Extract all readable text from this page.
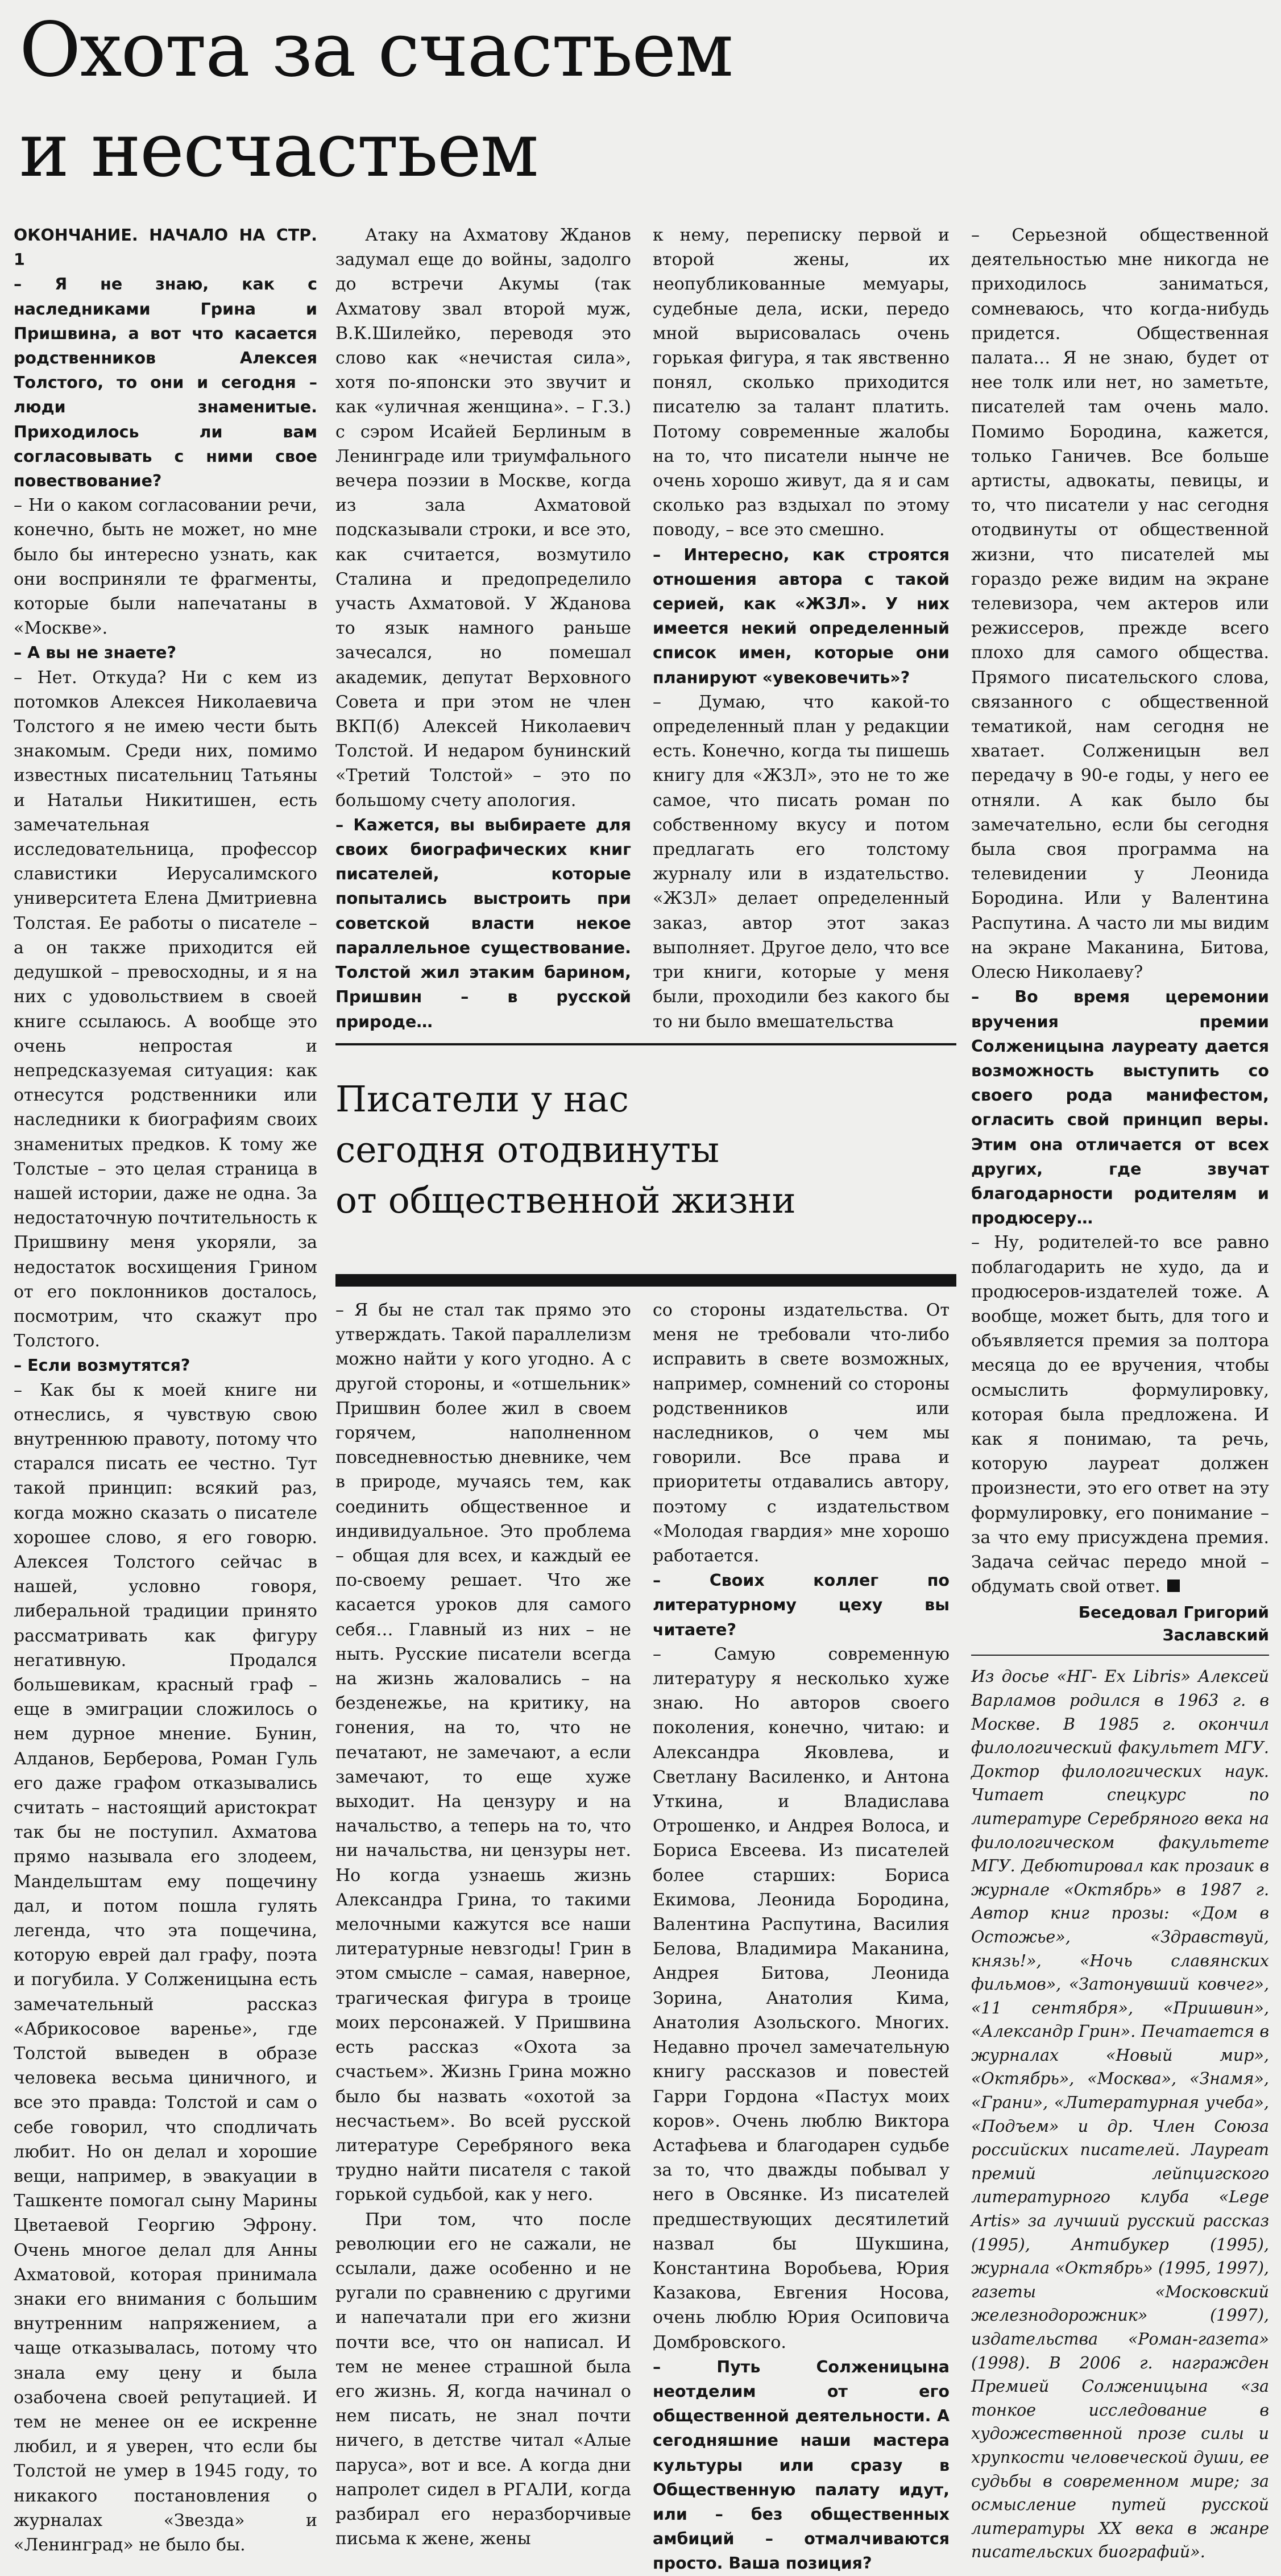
Охота за счастьем
и несчастьем

ОКОНЧАНИЕ. НАЧАЛО НА СТР. 1

– Я не знаю, как с наследниками Грина и Пришвина, а вот что касается родственников Алексея Толстого, то они и сегодня – люди знаменитые. Приходилось ли вам согласовывать с ними свое повествование?

– Ни о каком согласовании речи, конечно, быть не может, но мне было бы интересно узнать, как они восприняли те фрагменты, которые были напечатаны в «Москве».

– А вы не знаете?

– Нет. Откуда? Ни с кем из потомков Алексея Николаевича Толстого я не имею чести быть знакомым. Среди них, помимо известных писательниц Татьяны и Натальи Никитишен, есть замечательная исследовательница, профессор славистики Иерусалимского университета Елена Дмитриевна Толстая. Ее работы о писателе – а он также приходится ей дедушкой – превосходны, и я на них с удовольствием в своей книге ссылаюсь. А вообще это очень непростая и непредсказуемая ситуация: как отнесутся родственники или наследники к биографиям своих знаменитых предков. К тому же Толстые – это целая страница в нашей истории, даже не одна. За недостаточную почтительность к Пришвину меня укоряли, за недостаток восхищения Грином от его поклонников досталось, посмотрим, что скажут про Толстого.

– Если возмутятся?

– Как бы к моей книге ни отнеслись, я чувствую свою внутреннюю правоту, потому что старался писать ее честно. Тут такой принцип: всякий раз, когда можно сказать о писателе хорошее слово, я его говорю. Алексея Толстого сейчас в нашей, условно говоря, либеральной традиции принято рассматривать как фигуру негативную. Продался большевикам, красный граф – еще в эмиграции сложилось о нем дурное мнение. Бунин, Алданов, Берберова, Роман Гуль его даже графом отказывались считать – настоящий аристократ так бы не поступил. Ахматова прямо называла его злодеем, Мандельштам ему пощечину дал, и потом пошла гулять легенда, что эта пощечина, которую еврей дал графу, поэта и погубила. У Солженицына есть замечательный рассказ «Абрикосовое варенье», где Толстой выведен в образе человека весьма циничного, и все это правда: Толстой и сам о себе говорил, что сподличать любит. Но он делал и хорошие вещи, например, в эвакуации в Ташкенте помогал сыну Марины Цветаевой Георгию Эфрону. Очень многое делал для Анны Ахматовой, которая принимала знаки его внимания с большим внутренним напряжением, а чаще отказывалась, потому что знала ему цену и была озабочена своей репутацией. И тем не менее он ее искренне любил, и я уверен, что если бы Толстой не умер в 1945 году, то никакого постановления о журналах «Звезда» и «Ленинград» не было бы.

Атаку на Ахматову Жданов задумал еще до войны, задолго до встречи Акумы (так Ахматову звал второй муж, В.К.Шилейко, переводя это слово как «нечистая сила», хотя по-японски это звучит и как «уличная женщина». – Г.З.) с сэром Исайей Берлиным в Ленинграде или триумфального вечера поэзии в Москве, когда из зала Ахматовой подсказывали строки, и все это, как считается, возмутило Сталина и предопределило участь Ахматовой. У Жданова то язык намного раньше зачесался, но помешал академик, депутат Верховного Совета и при этом не член ВКП(б) Алексей Николаевич Толстой. И недаром бунинский «Третий Толстой» – это по большому счету апология.

– Кажется, вы выбираете для своих биографических книг писателей, которые попытались выстроить при советской власти некое параллельное существование. Толстой жил этаким барином, Пришвин – в русской природе…

к нему, переписку первой и второй жены, их неопубликованные мемуары, судебные дела, иски, передо мной вырисовалась очень горькая фигура, я так явственно понял, сколько приходится писателю за талант платить. Потому современные жалобы на то, что писатели нынче не очень хорошо живут, да я и сам сколько раз вздыхал по этому поводу, – все это смешно.

– Интересно, как строятся отношения автора с такой серией, как «ЖЗЛ». У них имеется некий определенный список имен, которые они планируют «увековечить»?

– Думаю, что какой-то определенный план у редакции есть. Конечно, когда ты пишешь книгу для «ЖЗЛ», это не то же самое, что писать роман по собственному вкусу и потом предлагать его толстому журналу или в издательство. «ЖЗЛ» делает определенный заказ, автор этот заказ выполняет. Другое дело, что все три книги, которые у меня были, проходили без какого бы то ни было вмешательства

Писатели у нас
сегодня отодвинуты
от общественной жизни

– Я бы не стал так прямо это утверждать. Такой параллелизм можно найти у кого угодно. А с другой стороны, и «отшельник» Пришвин более жил в своем горячем, наполненном повседневностью дневнике, чем в природе, мучаясь тем, как соединить общественное и индивидуальное. Это проблема – общая для всех, и каждый ее по-своему решает. Что же касается уроков для самого себя… Главный из них – не ныть. Русские писатели всегда на жизнь жаловались – на безденежье, на критику, на гонения, на то, что не печатают, не замечают, а если замечают, то еще хуже выходит. На цензуру и на начальство, а теперь на то, что ни начальства, ни цензуры нет. Но когда узнаешь жизнь Александра Грина, то такими мелочными кажутся все наши литературные невзгоды! Грин в этом смысле – самая, наверное, трагическая фигура в троице моих персонажей. У Пришвина есть рассказ «Охота за счастьем». Жизнь Грина можно было бы назвать «охотой за несчастьем». Во всей русской литературе Серебряного века трудно найти писателя с такой горькой судьбой, как у него.

При том, что после революции его не сажали, не ссылали, даже особенно и не ругали по сравнению с другими и напечатали при его жизни почти все, что он написал. И тем не менее страшной была его жизнь. Я, когда начинал о нем писать, не знал почти ничего, в детстве читал «Алые паруса», вот и все. А когда дни напролет сидел в РГАЛИ, когда разбирал его неразборчивые письма к жене, жены

со стороны издательства. От меня не требовали что-либо исправить в свете возможных, например, сомнений со стороны родственников или наследников, о чем мы говорили. Все права и приоритеты отдавались автору, поэтому с издательством «Молодая гвардия» мне хорошо работается.

– Своих коллег по литературному цеху вы читаете?

– Самую современную литературу я несколько хуже знаю. Но авторов своего поколения, конечно, читаю: и Александра Яковлева, и Светлану Василенко, и Антона Уткина, и Владислава Отрошенко, и Андрея Волоса, и Бориса Евсеева. Из писателей более старших: Бориса Екимова, Леонида Бородина, Валентина Распутина, Василия Белова, Владимира Маканина, Андрея Битова, Леонида Зорина, Анатолия Кима, Анатолия Азольского. Многих. Недавно прочел замечательную книгу рассказов и повестей Гарри Гордона «Пастух моих коров». Очень люблю Виктора Астафьева и благодарен судьбе за то, что дважды побывал у него в Овсянке. Из писателей предшествующих десятилетий назвал бы Шукшина, Константина Воробьева, Юрия Казакова, Евгения Носова, очень люблю Юрия Осиповича Домбровского.

– Путь Солженицына неотделим от его общественной деятельности. А сегодняшние наши мастера культуры или сразу в Общественную палату идут, или – без общественных амбиций – отмалчиваются просто. Ваша позиция?

– Серьезной общественной деятельностью мне никогда не приходилось заниматься, сомневаюсь, что когда-нибудь придется. Общественная палата… Я не знаю, будет от нее толк или нет, но заметьте, писателей там очень мало. Помимо Бородина, кажется, только Ганичев. Все больше артисты, адвокаты, певицы, и то, что писатели у нас сегодня отодвинуты от общественной жизни, что писателей мы гораздо реже видим на экране телевизора, чем актеров или режиссеров, прежде всего плохо для самого общества. Прямого писательского слова, связанного с общественной тематикой, нам сегодня не хватает. Солженицын вел передачу в 90-е годы, у него ее отняли. А как было бы замечательно, если бы сегодня была своя программа на телевидении у Леонида Бородина. Или у Валентина Распутина. А часто ли мы видим на экране Маканина, Битова, Олесю Николаеву?

– Во время церемонии вручения премии Солженицына лауреату дается возможность выступить со своего рода манифестом, огласить свой принцип веры. Этим она отличается от всех других, где звучат благодарности родителям и продюсеру…

– Ну, родителей-то все равно поблагодарить не худо, да и продюсеров-издателей тоже. А вообще, может быть, для того и объявляется премия за полтора месяца до ее вручения, чтобы осмыслить формулировку, которая была предложена. И как я понимаю, та речь, которую лауреат должен произнести, это его ответ на эту формулировку, его понимание – за что ему присуждена премия. Задача сейчас передо мной – обдумать свой ответ.

Беседовал Григорий Заславский

Из досье «НГ- Ex Libris» Алексей Варламов родился в 1963 г. в Москве. В 1985 г. окончил филологический факультет МГУ. Доктор филологических наук. Читает спецкурс по литературе Серебряного века на филологическом факультете МГУ. Дебютировал как прозаик в журнале «Октябрь» в 1987 г. Автор книг прозы: «Дом в Остожье», «Здравствуй, князь!», «Ночь славянских фильмов», «Затонувший ковчег», «11 сентября», «Пришвин», «Александр Грин». Печатается в журналах «Новый мир», «Октябрь», «Москва», «Знамя», «Грани», «Литературная учеба», «Подъем» и др. Член Союза российских писателей. Лауреат премий лейпцигского литературного клуба «Lege Artis» за лучший русский рассказ (1995), Антибукер (1995), журнала «Октябрь» (1995, 1997), газеты «Московский железнодорожник» (1997), издательства «Роман-газета» (1998). В 2006 г. награжден Премией Солженицына «за тонкое исследование в художественной прозе силы и хрупкости человеческой души, ее судьбы в современном мире; за осмысление путей русской литературы XX века в жанре писательских биографий».
